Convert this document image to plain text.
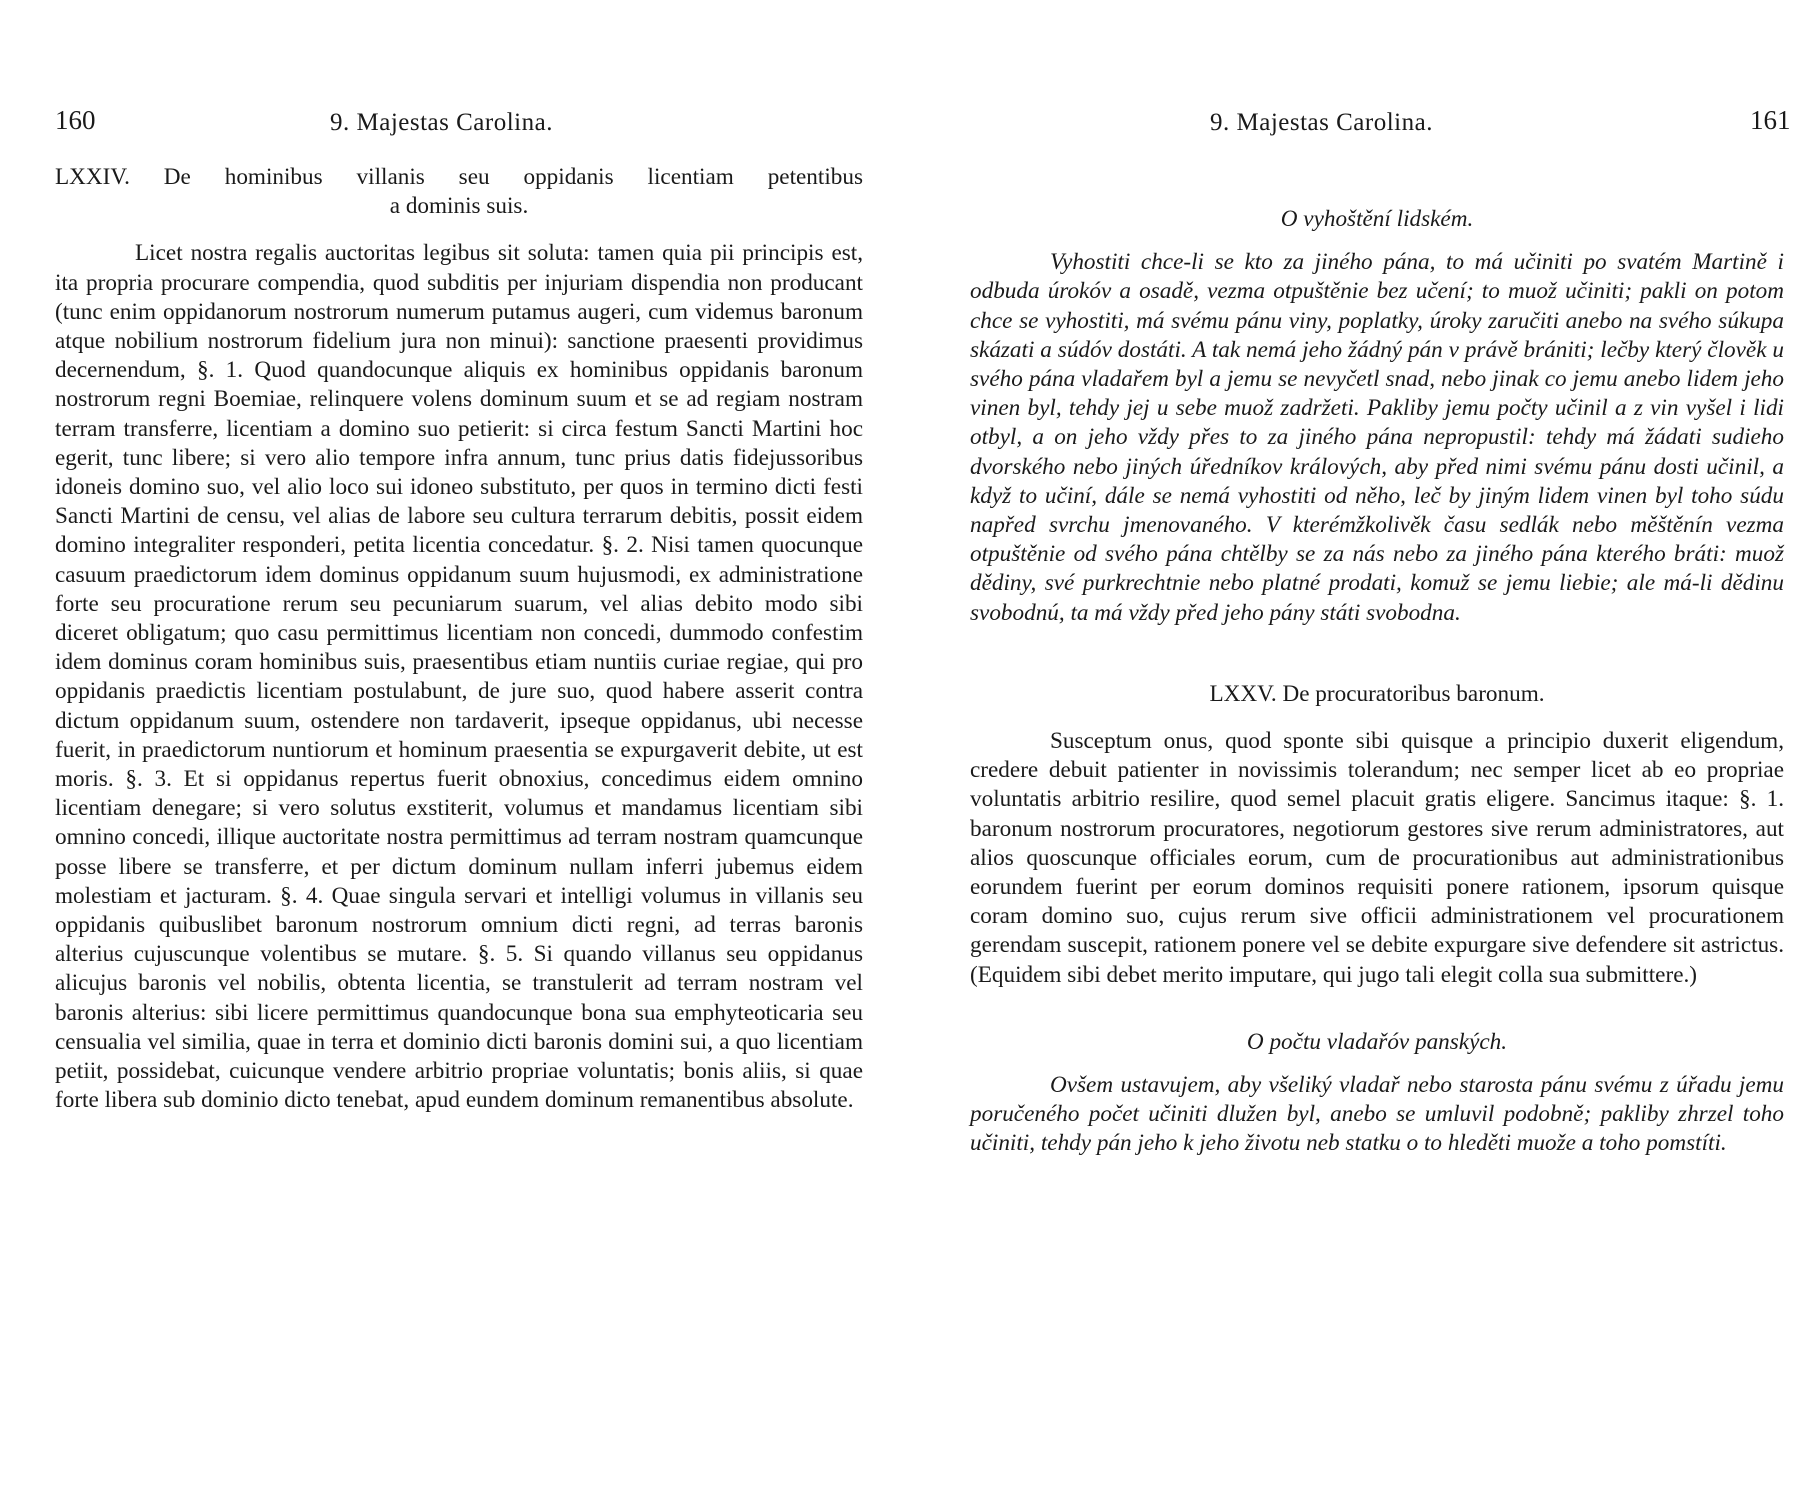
160	9. Majestas Carolina.
LXXIV. De hominibus villanis seu oppidanis licentiam petentibus
a dominis suis.

Licet nostra regalis auctoritas legibus sit soluta: tamen quia pii principis est, ita propria procurare compendia, quod subditis per injuriam dispendia non producant (tunc enim oppidanorum nostrorum numerum putamus augeri, cum videmus baronum atque nobilium nostrorum fidelium jura non minui): sanctione praesenti providimus decernendum, §. 1. Quod quandocunque aliquis ex hominibus oppidanis baronum nostrorum regni Boemiae, relinquere volens dominum suum et se ad regiam nostram terram transferre, licentiam a domino suo petierit: si circa festum Sancti Martini hoc egerit, tunc libere; si vero alio tempore infra annum, tunc prius datis fidejussoribus idoneis domino suo, vel alio loco sui idoneo substituto, per quos in termino dicti festi Sancti Martini de censu, vel alias de labore seu cultura terrarum debitis, possit eidem domino integraliter responderi, petita licentia concedatur. §. 2. Nisi tamen quocunque casuum praedictorum idem dominus oppidanum suum hujusmodi, ex administratione forte seu procuratione rerum seu pecuniarum suarum, vel alias debito modo sibi diceret obligatum; quo casu permittimus licentiam non concedi, dummodo confestim idem dominus coram hominibus suis, praesentibus etiam nuntiis curiae regiae, qui pro oppidanis praedictis licentiam postulabunt, de jure suo, quod habere asserit contra dictum oppidanum suum, ostendere non tardaverit, ipseque oppidanus, ubi necesse fuerit, in praedictorum nuntiorum et hominum praesentia se expurgaverit debite, ut est moris. §. 3. Et si oppidanus repertus fuerit obnoxius, concedimus eidem omnino licentiam denegare; si vero solutus exstiterit, volumus et mandamus licentiam sibi omnino concedi, illique auctoritate nostra permittimus ad terram nostram quamcunque posse libere se transferre, et per dictum dominum nullam inferri jubemus eidem molestiam et jacturam. §. 4. Quae singula servari et intelligi volumus in villanis seu oppidanis quibuslibet baronum nostrorum omnium dicti regni, ad terras baronis alterius cujuscunque volentibus se mutare. §. 5. Si quando villanus seu oppidanus alicujus baronis vel nobilis, obtenta licentia, se transtulerit ad terram nostram vel baronis alterius: sibi licere permittimus quandocunque bona sua emphyteoticaria seu censualia vel similia, quae in terra et dominio dicti baronis domini sui, a quo licentiam petiit, possidebat, cuicunque vendere arbitrio propriae voluntatis; bonis aliis, si quae forte libera sub dominio dicto tenebat, apud eundem dominum remanentibus absolute.

9. Majestas Carolina.	161
O vyhoštění lidském.

Vyhostiti chce-li se kto za jiného pána, to má učiniti po svatém Martině i odbuda úrokóv a osadě, vezma otpuštěnie bez učení; to muož učiniti; pakli on potom chce se vyhostiti, má svému pánu viny, poplatky, úroky zaručiti anebo na svého súkupa skázati a súdóv dostáti. A tak nemá jeho žádný pán v právě brániti; lečby který člověk u svého pána vladařem byl a jemu se nevyčetl snad, nebo jinak co jemu anebo lidem jeho vinen byl, tehdy jej u sebe muož zadržeti. Pakliby jemu počty učinil a z vin vyšel i lidi otbyl, a on jeho vždy přes to za jiného pána nepropustil: tehdy má žádati sudieho dvorského nebo jiných úředníkov králových, aby před nimi svému pánu dosti učinil, a když to učiní, dále se nemá vyhostiti od něho, leč by jiným lidem vinen byl toho súdu napřed svrchu jmenovaného. V kterémžkolivěk času sedlák nebo měštěnín vezma otpuštěnie od svého pána chtělby se za nás nebo za jiného pána kterého bráti: muož dědiny, své purkrechtnie nebo platné prodati, komuž se jemu liebie; ale má-li dědinu svobodnú, ta má vždy před jeho pány státi svobodna.

LXXV. De procuratoribus baronum.

Susceptum onus, quod sponte sibi quisque a principio duxerit eligendum, credere debuit patienter in novissimis tolerandum; nec semper licet ab eo propriae voluntatis arbitrio resilire, quod semel placuit gratis eligere. Sancimus itaque: §. 1. baronum nostrorum procuratores, negotiorum gestores sive rerum administratores, aut alios quoscunque officiales eorum, cum de procurationibus aut administrationibus eorundem fuerint per eorum dominos requisiti ponere rationem, ipsorum quisque coram domino suo, cujus rerum sive officii administrationem vel procurationem gerendam suscepit, rationem ponere vel se debite expurgare sive defendere sit astrictus. (Equidem sibi debet merito imputare, qui jugo tali elegit colla sua submittere.)

O počtu vladařóv panských.

Ovšem ustavujem, aby všeliký vladař nebo starosta pánu svému z úřadu jemu poručeného počet učiniti dlužen byl, anebo se umluvil podobně; pakliby zhrzel toho učiniti, tehdy pán jeho k jeho životu neb statku o to hleděti muože a toho pomstíti.
